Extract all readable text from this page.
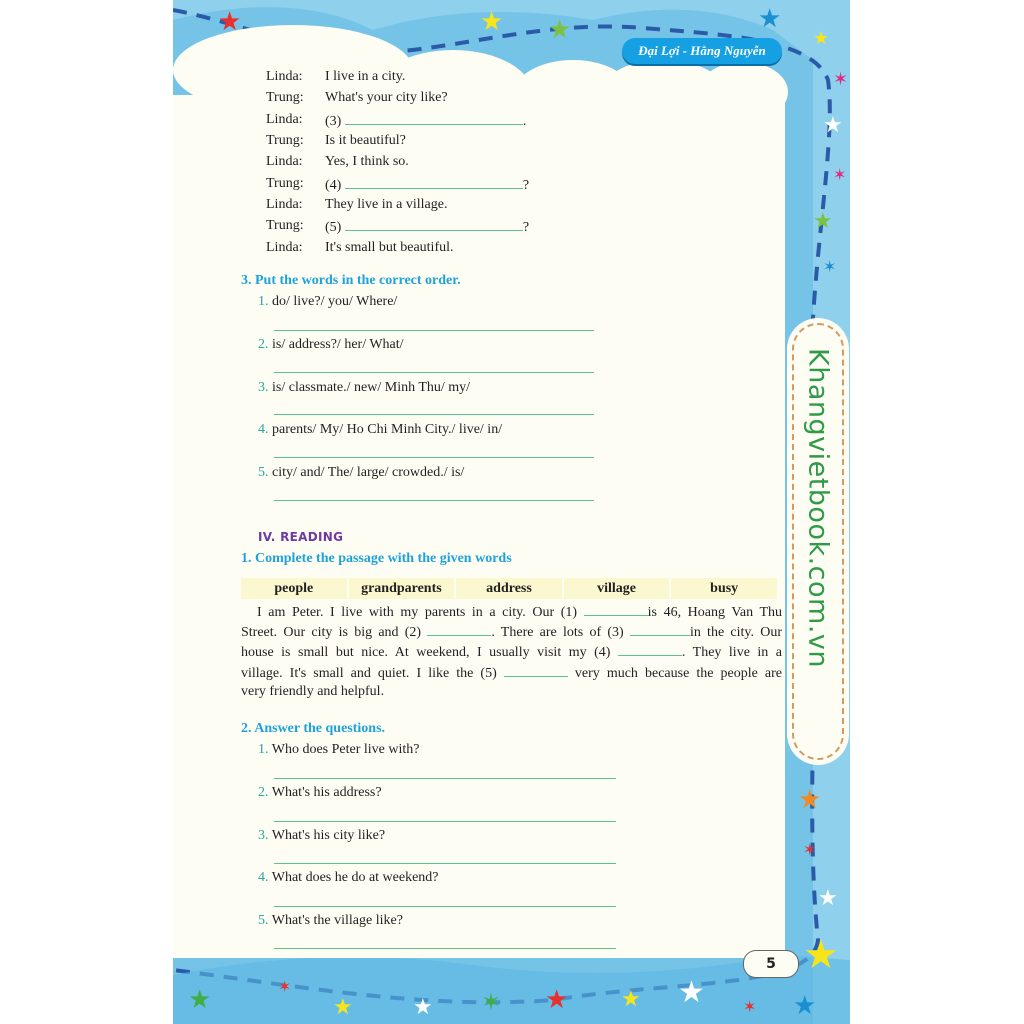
★	★ ★	★
★
✶
★
✶
★
✶
★
✶
★
★
★	✶
★	★ ✶ ★ ★ ★ ✶ ★
Đại Lợi - Hằng Nguyễn
Linda: I live in a city.
Trung: What's your city like?
Linda: (3)	.
Trung: Is it beautiful?
Linda: Yes, I think so.
Trung: (4)	?
Linda: They live in a village.
Trung: (5)	?
Linda: It's small but beautiful.
3. Put the words in the correct order.
1. do/ live?/ you/ Where/
2. is/ address?/ her/ What/
3. is/ classmate./ new/ Minh Thu/ my/
4. parents/ My/ Ho Chi Minh City./ live/ in/
5. city/ and/ The/ large/ crowded./ is/
IV. READING
1. Complete the passage with the given words
people	grandparents	address	village	busy
I am Peter. I live with my parents in a city. Our (1)	is 46, Hoang Van Thu
Street. Our city is big and (2)	. There are lots of (3)	in the city. Our
house is small but nice. At weekend, I usually visit my (4)	. They live in a
village. It's small and quiet. I like the (5)	very much because the people are
very friendly and helpful.
2. Answer the questions.
1. Who does Peter live with?
2. What's his address?
3. What's his city like?
4. What does he do at weekend?
5. What's the village like?
Khangvietbook.com.vn
5
